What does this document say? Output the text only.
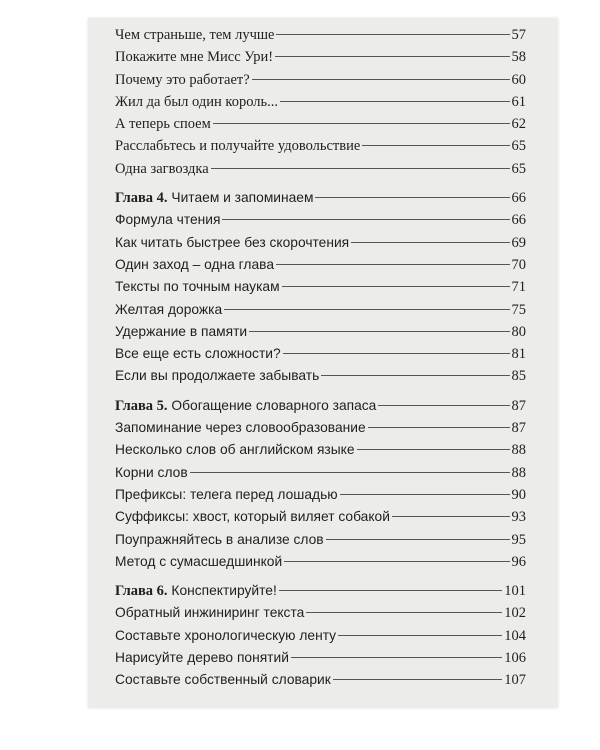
Чем страньше, тем лучше	57
Покажите мне Мисс Ури!	58
Почему это работает?	60
Жил да был один король...	61
А теперь споем	62
Расслабьтесь и получайте удовольствие	65
Одна загвоздка	65
Глава 4. Читаем и запоминаем	66
Формула чтения	66
Как читать быстрее без скорочтения	69
Один заход – одна глава	70
Тексты по точным наукам	71
Желтая дорожка	75
Удержание в памяти	80
Все еще есть сложности?	81
Если вы продолжаете забывать	85
Глава 5. Обогащение словарного запаса	87
Запоминание через словообразование	87
Несколько слов об английском языке	88
Корни слов	88
Префиксы: телега перед лошадью	90
Суффиксы: хвост, который виляет собакой	93
Поупражняйтесь в анализе слов	95
Метод с сумасшедшинкой	96
Глава 6. Конспектируйте!	101
Обратный инжиниринг текста	102
Составьте хронологическую ленту	104
Нарисуйте дерево понятий	106
Составьте собственный словарик	107
